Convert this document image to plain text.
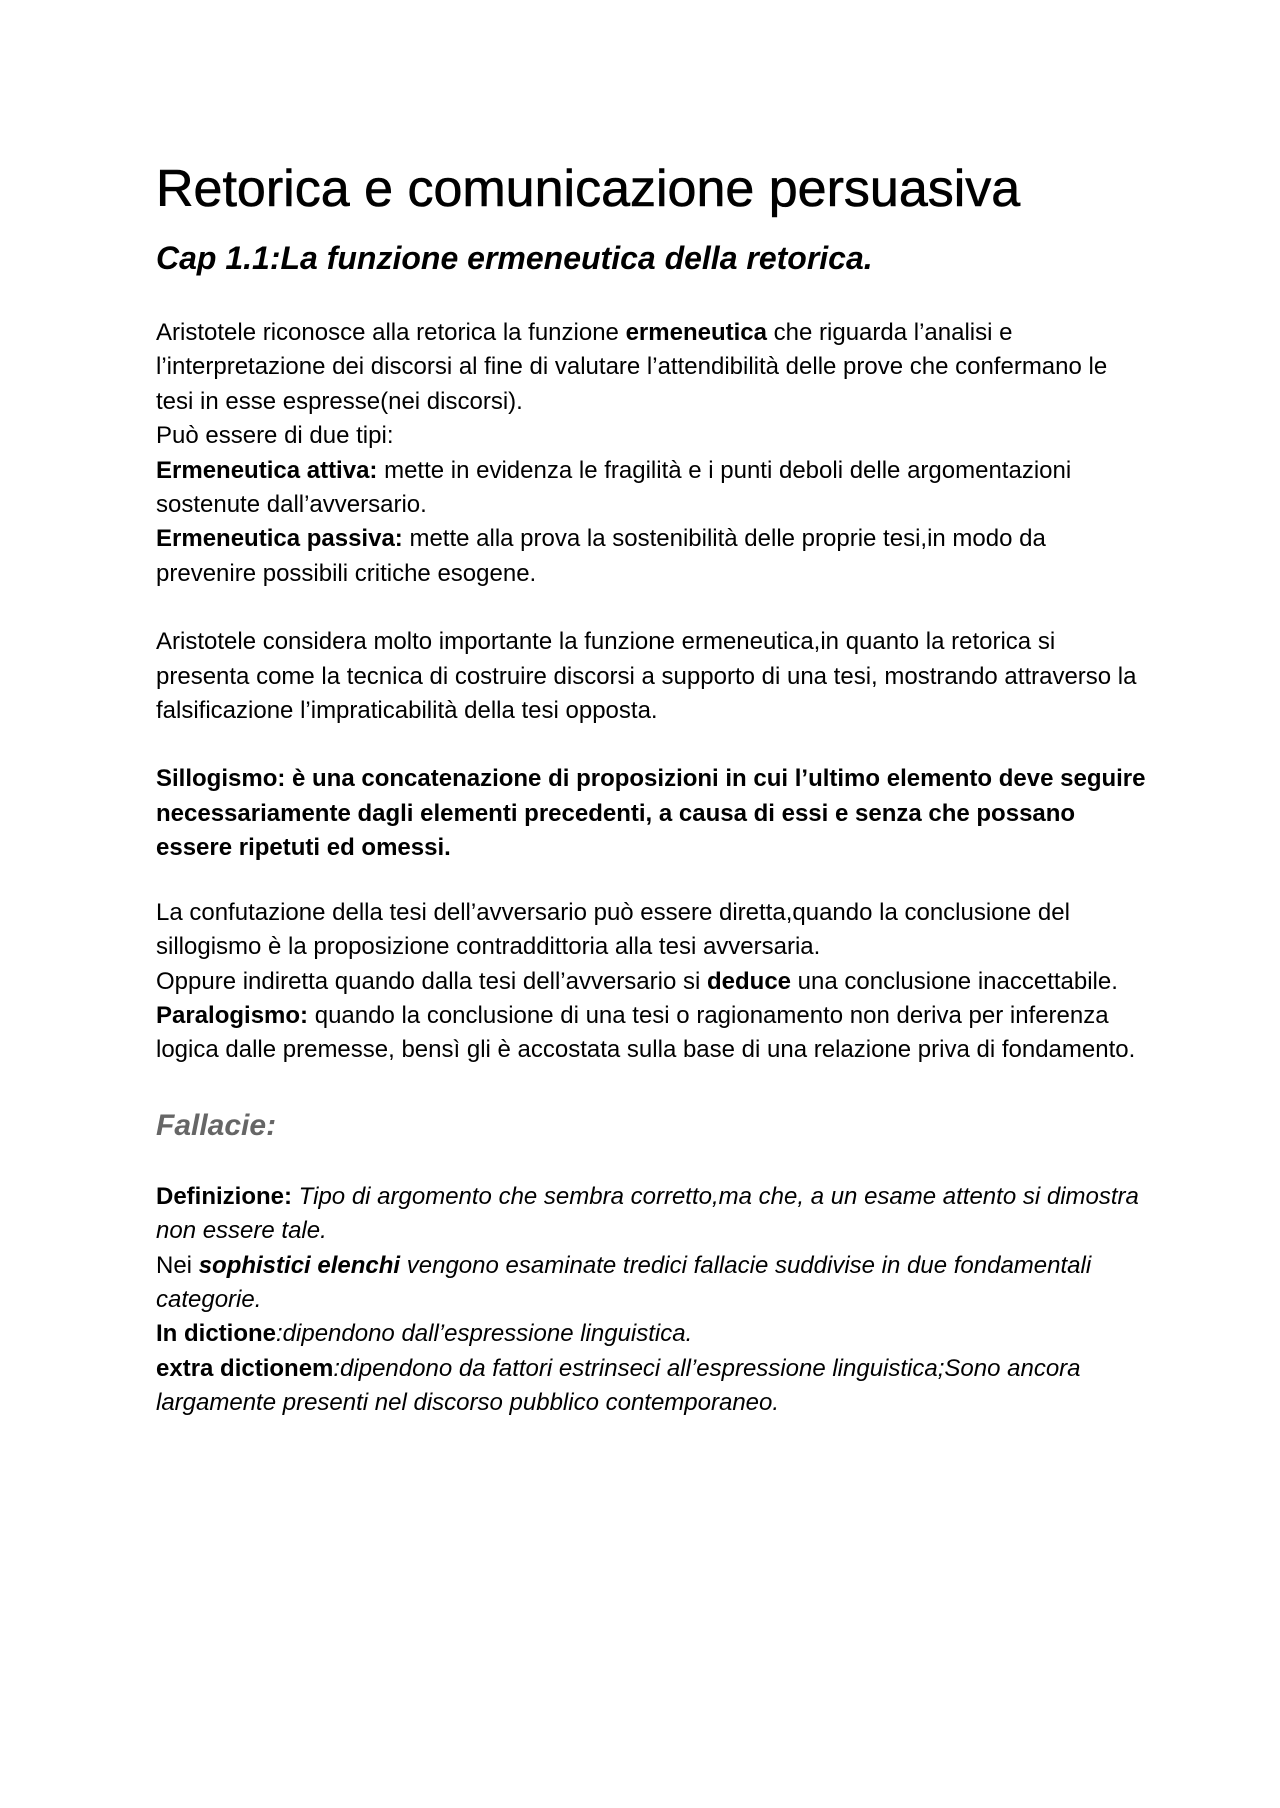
Retorica e comunicazione persuasiva
Cap 1.1:La funzione ermeneutica della retorica.

Aristotele riconosce alla retorica la funzione ermeneutica che riguarda l’analisi e l’interpretazione dei discorsi al fine di valutare l’attendibilità delle prove che confermano le tesi in esse espresse(nei discorsi).

Può essere di due tipi:

Ermeneutica attiva: mette in evidenza le fragilità e i punti deboli delle argomentazioni sostenute dall’avversario.

Ermeneutica passiva: mette alla prova la sostenibilità delle proprie tesi,in modo da prevenire possibili critiche esogene.

Aristotele considera molto importante la funzione ermeneutica,in quanto la retorica si presenta come la tecnica di costruire discorsi a supporto di una tesi, mostrando attraverso la falsificazione l’impraticabilità della tesi opposta.

Sillogismo: è una concatenazione di proposizioni in cui l’ultimo elemento deve seguire necessariamente dagli elementi precedenti, a causa di essi e senza che possano essere ripetuti ed omessi.

La confutazione della tesi dell’avversario può essere diretta,quando la conclusione del sillogismo è la proposizione contraddittoria alla tesi avversaria.

Oppure indiretta quando dalla tesi dell’avversario si deduce una conclusione inaccettabile.

Paralogismo: quando la conclusione di una tesi o ragionamento non deriva per inferenza logica dalle premesse, bensì gli è accostata sulla base di una relazione priva di fondamento.

Fallacie:

Definizione: Tipo di argomento che sembra corretto,ma che, a un esame attento si dimostra non essere tale.

Nei sophistici elenchi vengono esaminate tredici fallacie suddivise in due fondamentali categorie.

In dictione:dipendono dall’espressione linguistica.

extra dictionem:dipendono da fattori estrinseci all’espressione linguistica;Sono ancora largamente presenti nel discorso pubblico contemporaneo.
